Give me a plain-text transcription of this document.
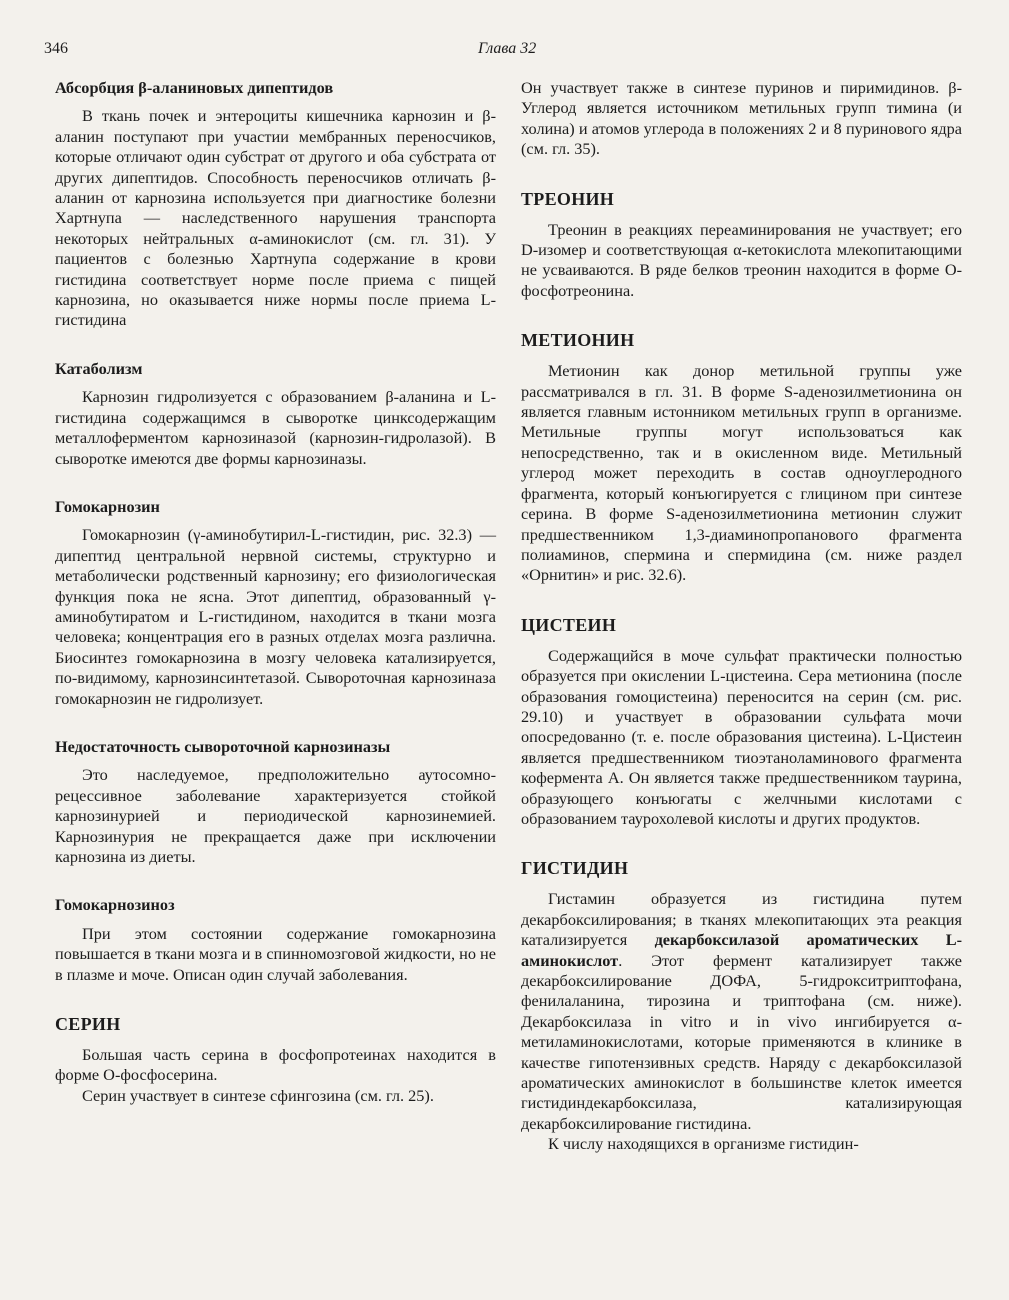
346	Глава 32
Абсорбция β-аланиновых дипептидов

В ткань почек и энтероциты кишечника карнозин и β-аланин поступают при участии мембранных переносчиков, которые отличают один субстрат от другого и оба субстрата от других дипептидов. Способность переносчиков отличать β-аланин от карнозина используется при диагностике болезни Хартнупа — наследственного нарушения транспорта некоторых нейтральных α-аминокислот (см. гл. 31). У пациентов с болезнью Хартнупа содержание в крови гистидина соответствует норме после приема с пищей карнозина, но оказывается ниже нормы после приема L-гистидина

Катаболизм

Карнозин гидролизуется с образованием β-аланина и L-гистидина содержащимся в сыворотке цинксодержащим металлоферментом карнозиназой (карнозин-гидролазой). В сыворотке имеются две формы карнозиназы.

Гомокарнозин

Гомокарнозин (γ-аминобутирил-L-гистидин, рис. 32.3) — дипептид центральной нервной системы, структурно и метаболически родственный карнозину; его физиологическая функция пока не ясна. Этот дипептид, образованный γ-аминобутиратом и L-гистидином, находится в ткани мозга человека; концентрация его в разных отделах мозга различна. Биосинтез гомокарнозина в мозгу человека катализируется, по-видимому, карнозинсинтетазой. Сывороточная карнозиназа гомокарнозин не гидролизует.

Недостаточность сывороточной карнозиназы

Это наследуемое, предположительно аутосомно-рецессивное заболевание характеризуется стойкой карнозинурией и периодической карнозинемией. Карнозинурия не прекращается даже при исключении карнозина из диеты.

Гомокарнозиноз

При этом состоянии содержание гомокарнозина повышается в ткани мозга и в спинномозговой жидкости, но не в плазме и моче. Описан один случай заболевания.

СЕРИН

Большая часть серина в фосфопротеинах находится в форме О-фосфосерина.

Серин участвует в синтезе сфингозина (см. гл. 25).

Он участвует также в синтезе пуринов и пиримидинов. β-Углерод является источником метильных групп тимина (и холина) и атомов углерода в положениях 2 и 8 пуринового ядра (см. гл. 35).

ТРЕОНИН

Треонин в реакциях переаминирования не участвует; его D-изомер и соответствующая α-кетокислота млекопитающими не усваиваются. В ряде белков треонин находится в форме О-фосфотреонина.

МЕТИОНИН

Метионин как донор метильной группы уже рассматривался в гл. 31. В форме S-аденозилметионина он является главным истонником метильных групп в организме. Метильные группы могут использоваться как непосредственно, так и в окисленном виде. Метильный углерод может переходить в состав одноуглеродного фрагмента, который конъюгируется с глицином при синтезе серина. В форме S-аденозилметионина метионин служит предшественником 1,3-диаминопропанового фрагмента полиаминов, спермина и спермидина (см. ниже раздел «Орнитин» и рис. 32.6).

ЦИСТЕИН

Содержащийся в моче сульфат практически полностью образуется при окислении L-цистеина. Сера метионина (после образования гомоцистеина) переносится на серин (см. рис. 29.10) и участвует в образовании сульфата мочи опосредованно (т. е. после образования цистеина). L-Цистеин является предшественником тиоэтаноламинового фрагмента кофермента А. Он является также предшественником таурина, образующего конъюгаты с желчными кислотами с образованием таурохолевой кислоты и других продуктов.

ГИСТИДИН

Гистамин образуется из гистидина путем декарбоксилирования; в тканях млекопитающих эта реакция катализируется декарбоксилазой ароматических L-аминокислот. Этот фермент катализирует также декарбоксилирование ДОФА, 5-гидрокситриптофана, фенилаланина, тирозина и триптофана (см. ниже). Декарбоксилаза in vitro и in vivo ингибируется α-метиламинокислотами, которые применяются в клинике в качестве гипотензивных средств. Наряду с декарбоксилазой ароматических аминокислот в большинстве клеток имеется гистидиндекарбоксилаза, катализирующая декарбоксилирование гистидина.

К числу находящихся в организме гистидин-
